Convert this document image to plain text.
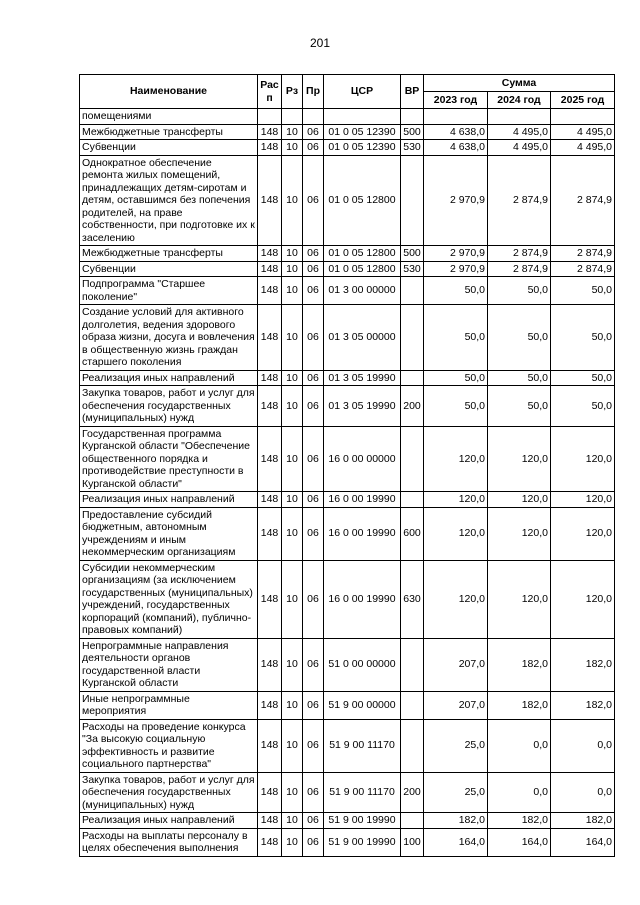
201
Наименование	Рас п	Рз	Пр	ЦСР	ВР	Сумма		
						2023 год	2024 год	2025 год
помещениями								
Межбюджетные трансферты	148	10	06	01 0 05 12390	500	4 638,0	4 495,0	4 495,0
Субвенции	148	10	06	01 0 05 12390	530	4 638,0	4 495,0	4 495,0
Однократное обеспечение ремонта жилых помещений, принадлежащих детям-сиротам и детям, оставшимся без попечения родителей, на праве собственности, при подготовке их к заселению	148	10	06	01 0 05 12800		2 970,9	2 874,9	2 874,9
Межбюджетные трансферты	148	10	06	01 0 05 12800	500	2 970,9	2 874,9	2 874,9
Субвенции	148	10	06	01 0 05 12800	530	2 970,9	2 874,9	2 874,9
Подпрограмма "Старшее поколение"	148	10	06	01 3 00 00000		50,0	50,0	50,0
Создание условий для активного долголетия, ведения здорового образа жизни, досуга и вовлечения в общественную жизнь граждан старшего поколения	148	10	06	01 3 05 00000		50,0	50,0	50,0
Реализация иных направлений	148	10	06	01 3 05 19990		50,0	50,0	50,0
Закупка товаров, работ и услуг для обеспечения государственных (муниципальных) нужд	148	10	06	01 3 05 19990	200	50,0	50,0	50,0
Государственная программа Курганской области "Обеспечение общественного порядка и противодействие преступности в Курганской области"	148	10	06	16 0 00 00000		120,0	120,0	120,0
Реализация иных направлений	148	10	06	16 0 00 19990		120,0	120,0	120,0
Предоставление субсидий бюджетным, автономным учреждениям и иным некоммерческим организациям	148	10	06	16 0 00 19990	600	120,0	120,0	120,0
Субсидии некоммерческим организациям (за исключением государственных (муниципальных) учреждений, государственных корпораций (компаний), публично-правовых компаний)	148	10	06	16 0 00 19990	630	120,0	120,0	120,0
Непрограммные направления деятельности органов государственной власти Курганской области	148	10	06	51 0 00 00000		207,0	182,0	182,0
Иные непрограммные мероприятия	148	10	06	51 9 00 00000		207,0	182,0	182,0
Расходы на проведение конкурса "За высокую социальную эффективность и развитие социального партнерства"	148	10	06	51 9 00 11170		25,0	0,0	0,0
Закупка товаров, работ и услуг для обеспечения государственных (муниципальных) нужд	148	10	06	51 9 00 11170	200	25,0	0,0	0,0
Реализация иных направлений	148	10	06	51 9 00 19990		182,0	182,0	182,0
Расходы на выплаты персоналу в целях обеспечения выполнения	148	10	06	51 9 00 19990	100	164,0	164,0	164,0
